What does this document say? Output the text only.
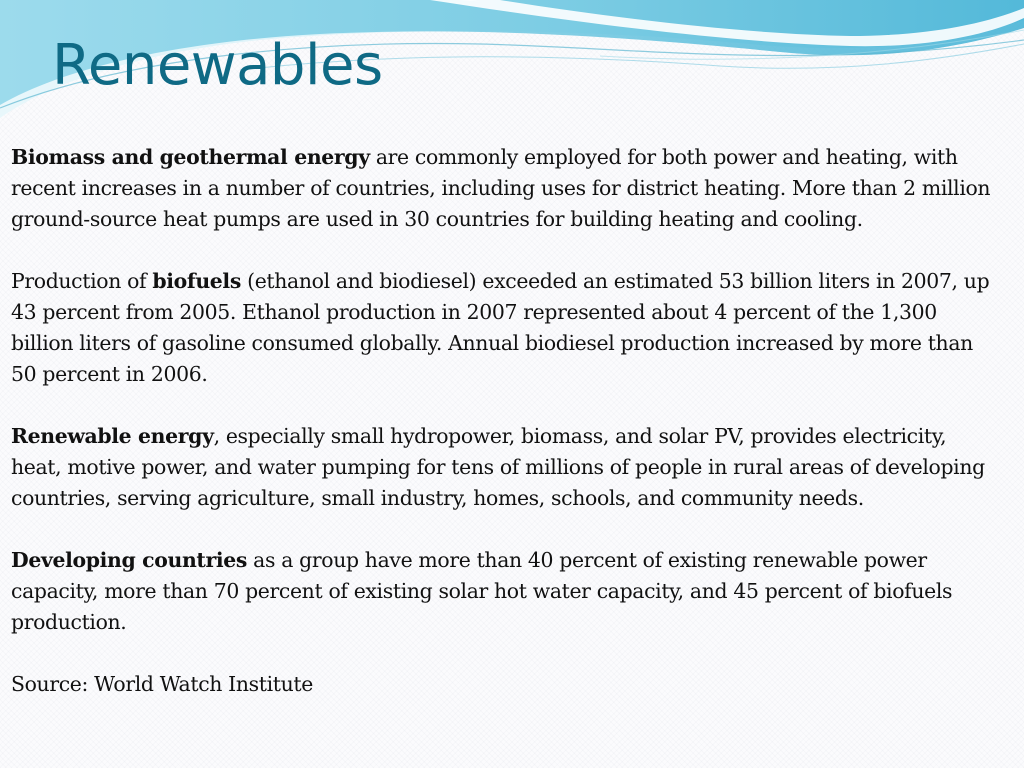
Renewables

Biomass and geothermal energy are commonly employed for both power and heating, with recent increases in a number of countries, including uses for district heating. More than 2 million ground-source heat pumps are used in 30 countries for building heating and cooling.

Production of biofuels (ethanol and biodiesel) exceeded an estimated 53 billion liters in 2007, up 43 percent from 2005. Ethanol production in 2007 represented about 4 percent of the 1,300 billion liters of gasoline consumed globally. Annual biodiesel production increased by more than 50 percent in 2006.

Renewable energy, especially small hydropower, biomass, and solar PV, provides electricity, heat, motive power, and water pumping for tens of millions of people in rural areas of developing countries, serving agriculture, small industry, homes, schools, and community needs.

Developing countries as a group have more than 40 percent of existing renewable power capacity, more than 70 percent of existing solar hot water capacity, and 45 percent of biofuels production.

Source: World Watch Institute
